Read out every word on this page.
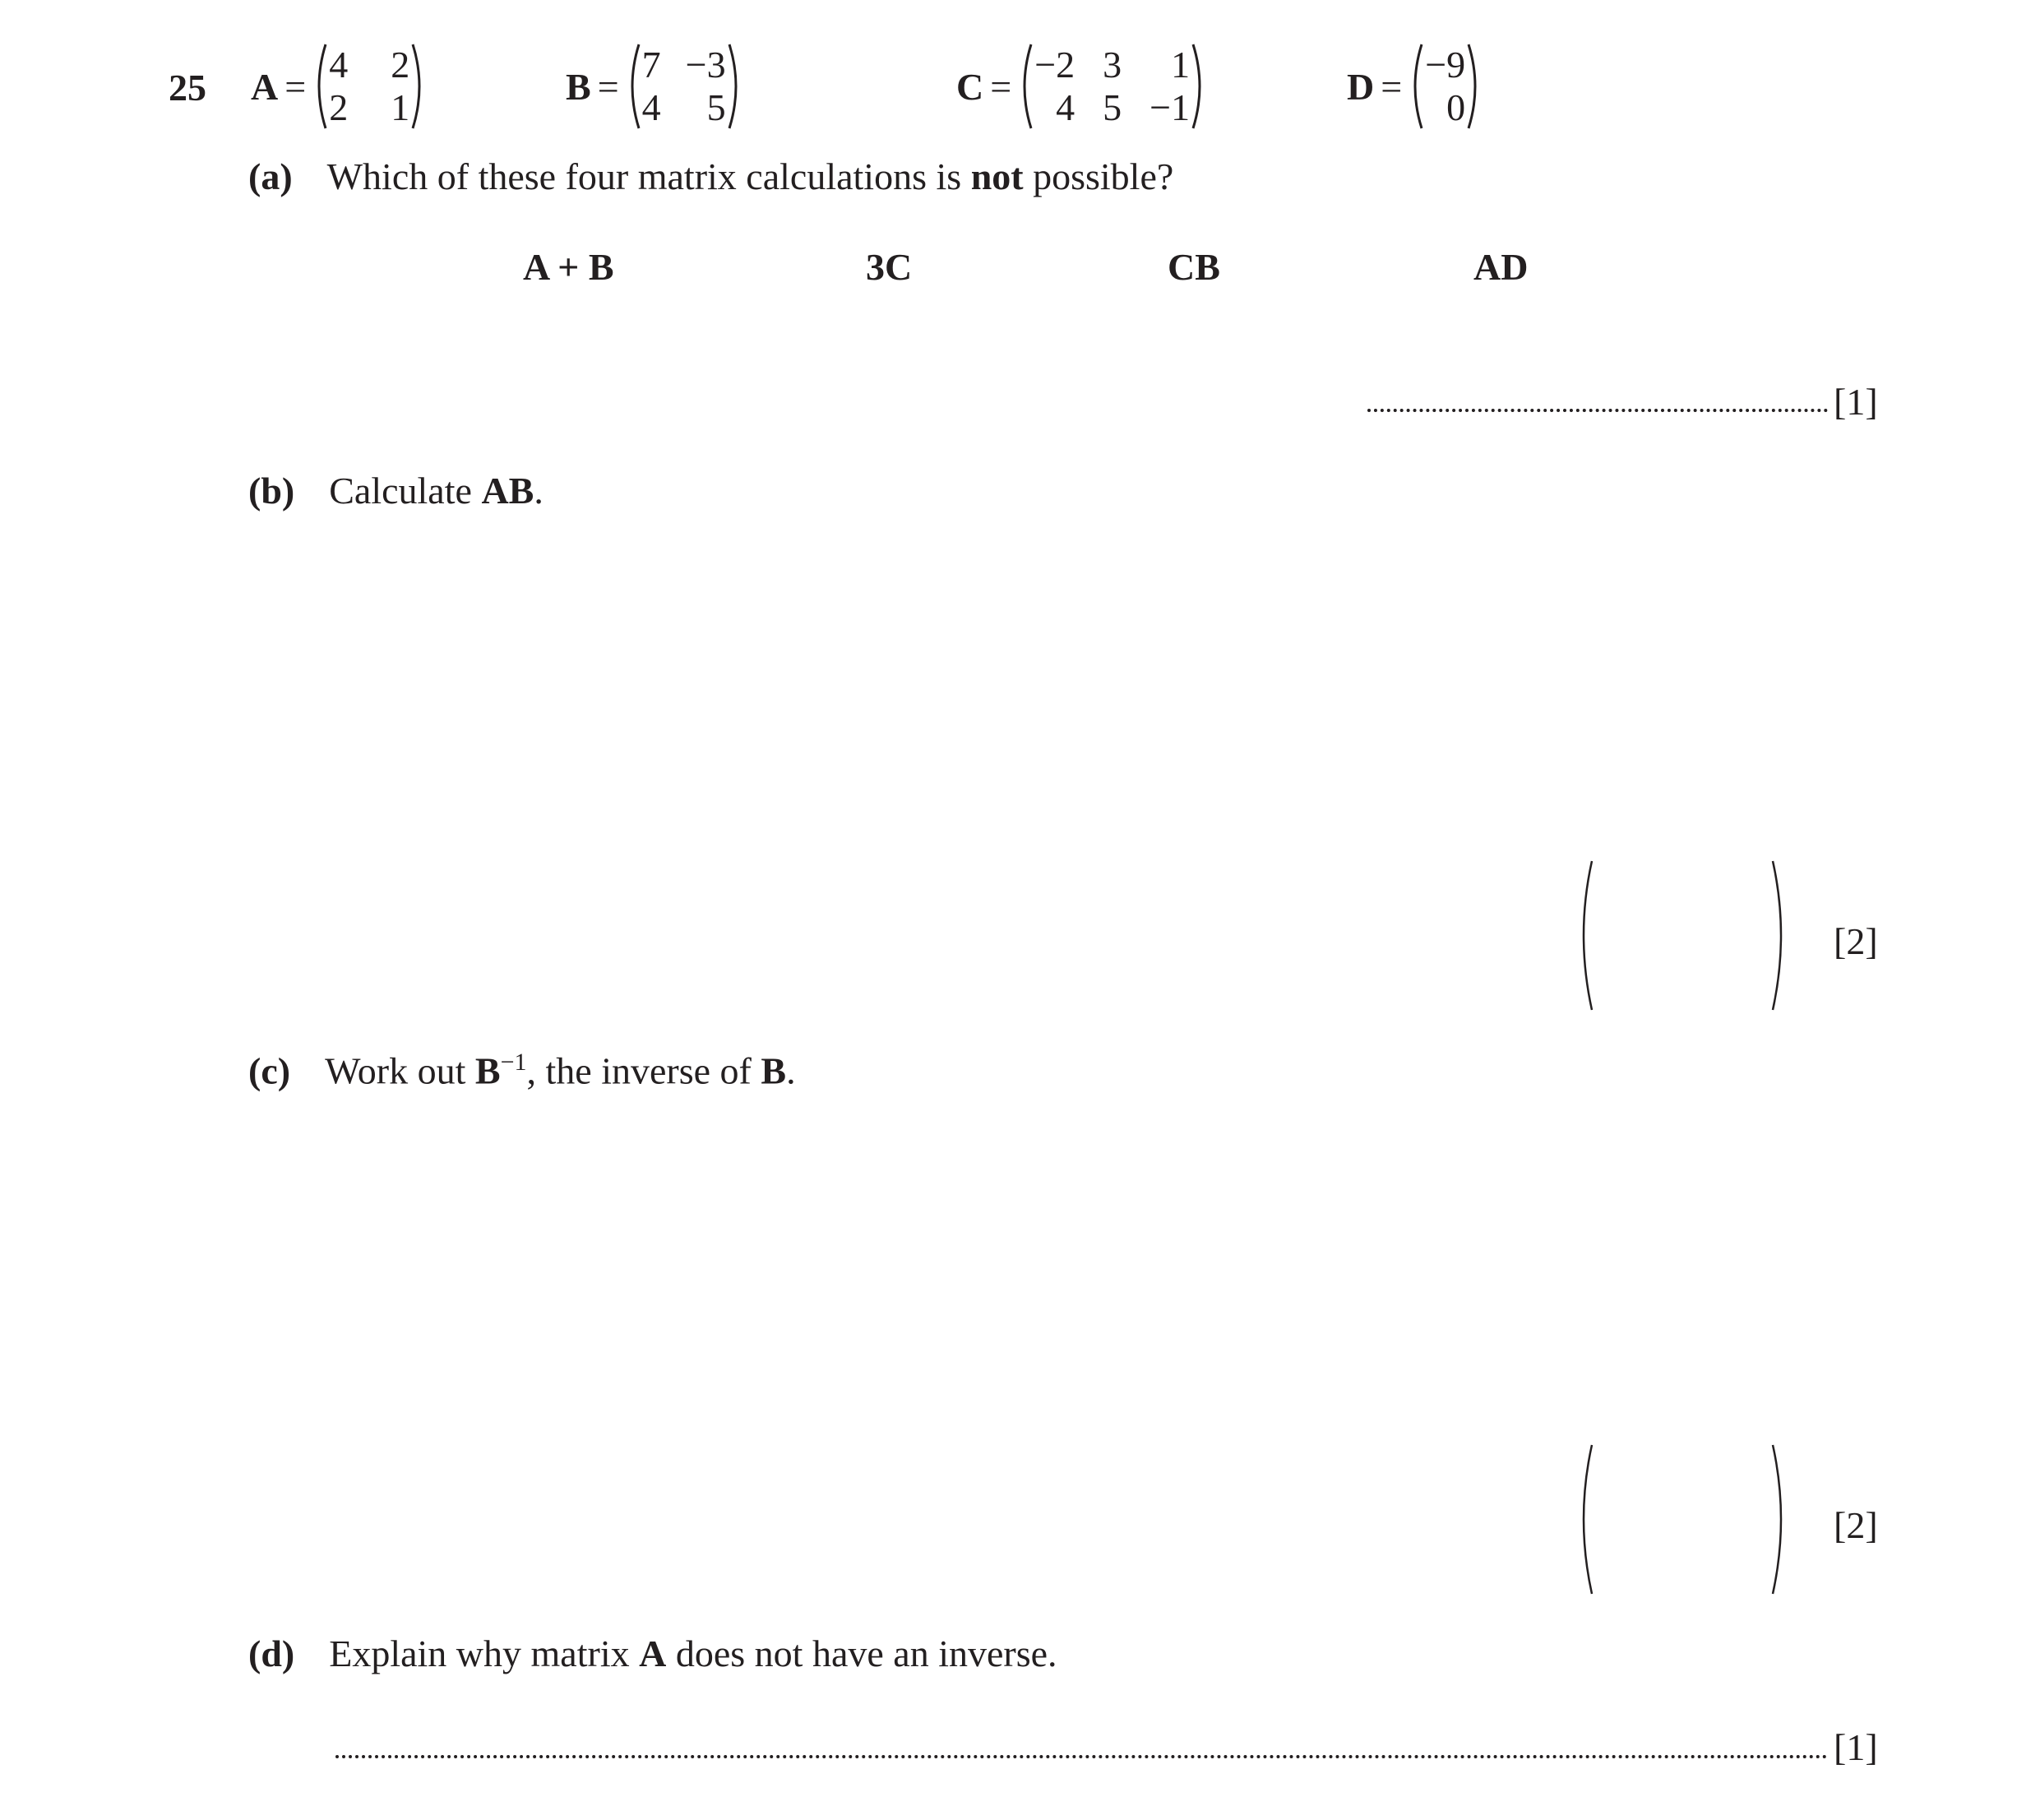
25 A =
4 2
2 1	B =
7 −3
4	5	C =
−2 3	1
4 5 −1	D =
−9
0
(a) Which of these four matrix calculations is not possible?
A + B	3C	CB	AD
[1]
(b) Calculate AB.
[2]
(c) Work out $B^{-1}$, the inverse of B.
[2]
(d) Explain why matrix A does not have an inverse.
[1]
